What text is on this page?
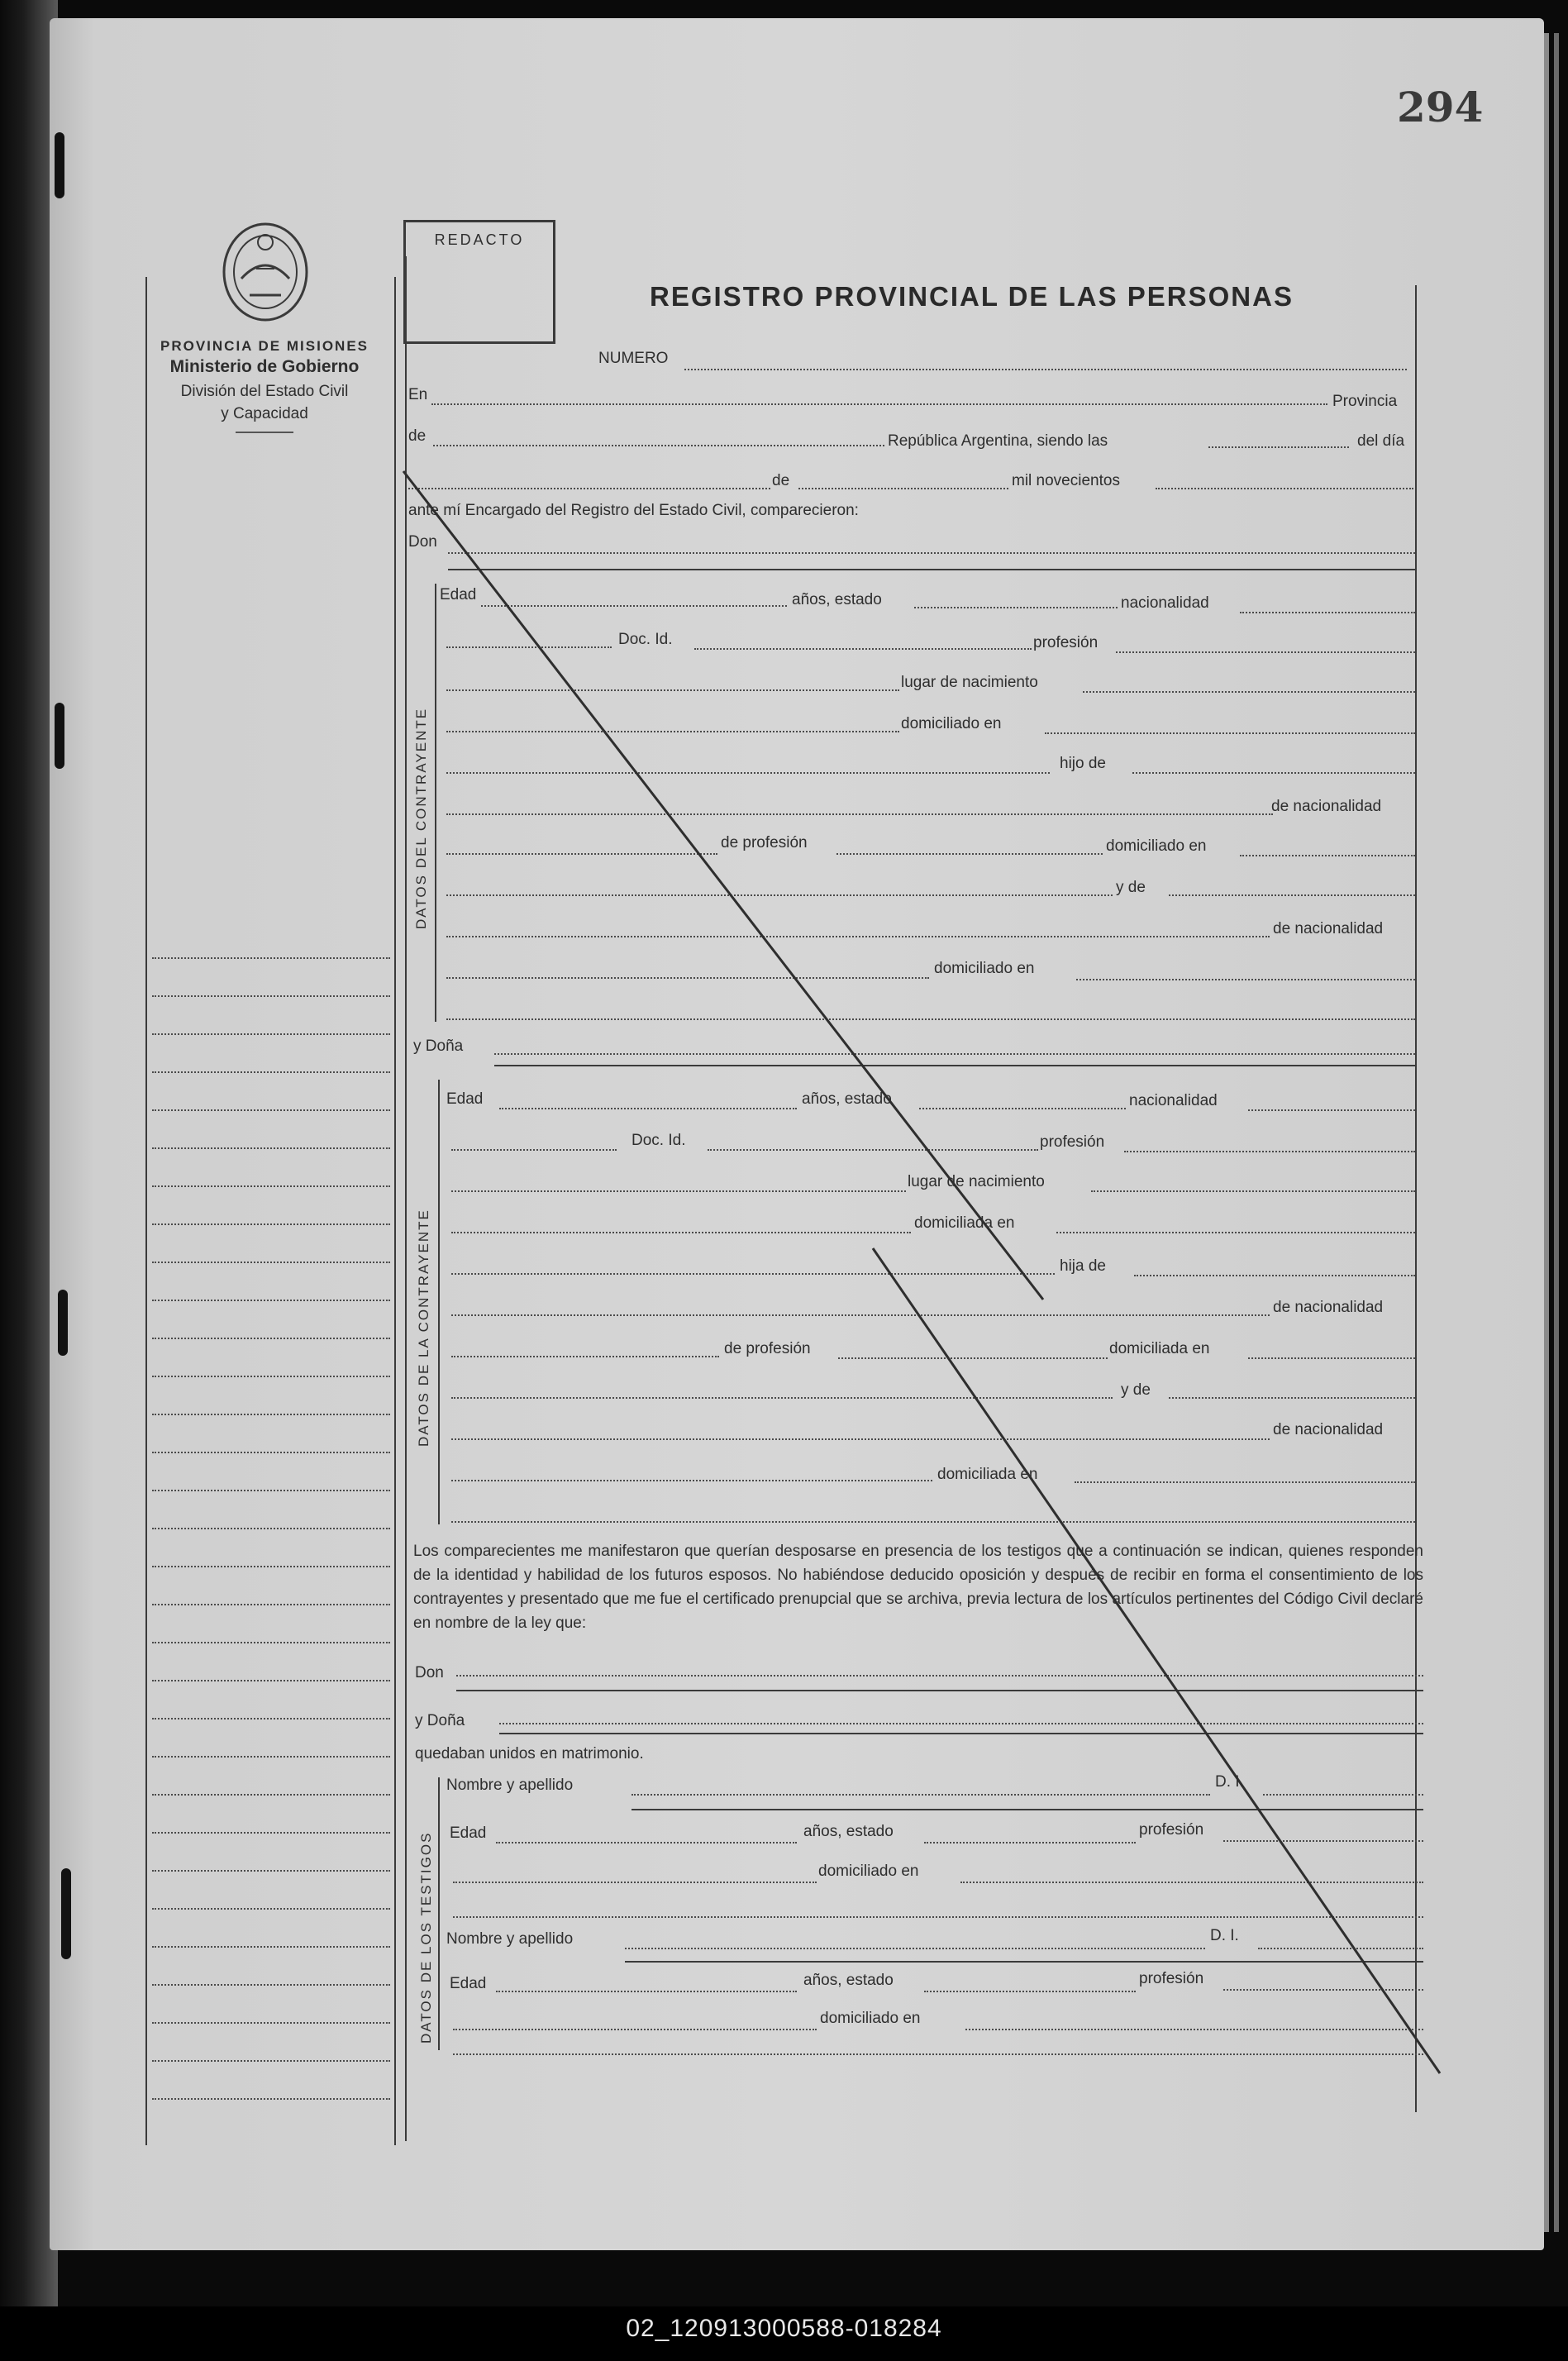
02_120913000588-018284
294
PROVINCIA DE MISIONES
Ministerio de Gobierno
División del Estado Civil
y Capacidad
REDACTO
REGISTRO PROVINCIAL DE LAS PERSONAS
NUMERO
En	Provincia
de	República Argentina, siendo las	del día
de	mil novecientos
ante mí Encargado del Registro del Estado Civil, comparecieron:
Don
DATOS DEL CONTRAYENTE
Edad	años, estado	nacionalidad
Doc. Id.	profesión
lugar de nacimiento
domiciliado en
hijo de
de nacionalidad
de profesión	domiciliado en
y de
de nacionalidad
domiciliado en
y Doña
DATOS DE LA CONTRAYENTE
Edad	años, estado	nacionalidad
Doc. Id.	profesión
lugar de nacimiento
domiciliada en
hija de
de nacionalidad
de profesión	domiciliada en
y de
de nacionalidad
domiciliada en
Los comparecientes me manifestaron que querían desposarse en presencia de los testigos que a continuación se indican, quienes responden de la identidad y habilidad de los futuros esposos. No habiéndose deducido oposición y después de recibir en forma el consentimiento de los contrayentes y presentado que me fue el certificado prenupcial que se archiva, previa lectura de los artículos pertinentes del Código Civil declaré en nombre de la ley que:
Don
y Doña
quedaban unidos en matrimonio.
DATOS DE LOS TESTIGOS
Nombre y apellido	D. I.
Edad	años, estado	profesión
domiciliado en
Nombre y apellido	D. I.
Edad	años, estado	profesión
domiciliado en
